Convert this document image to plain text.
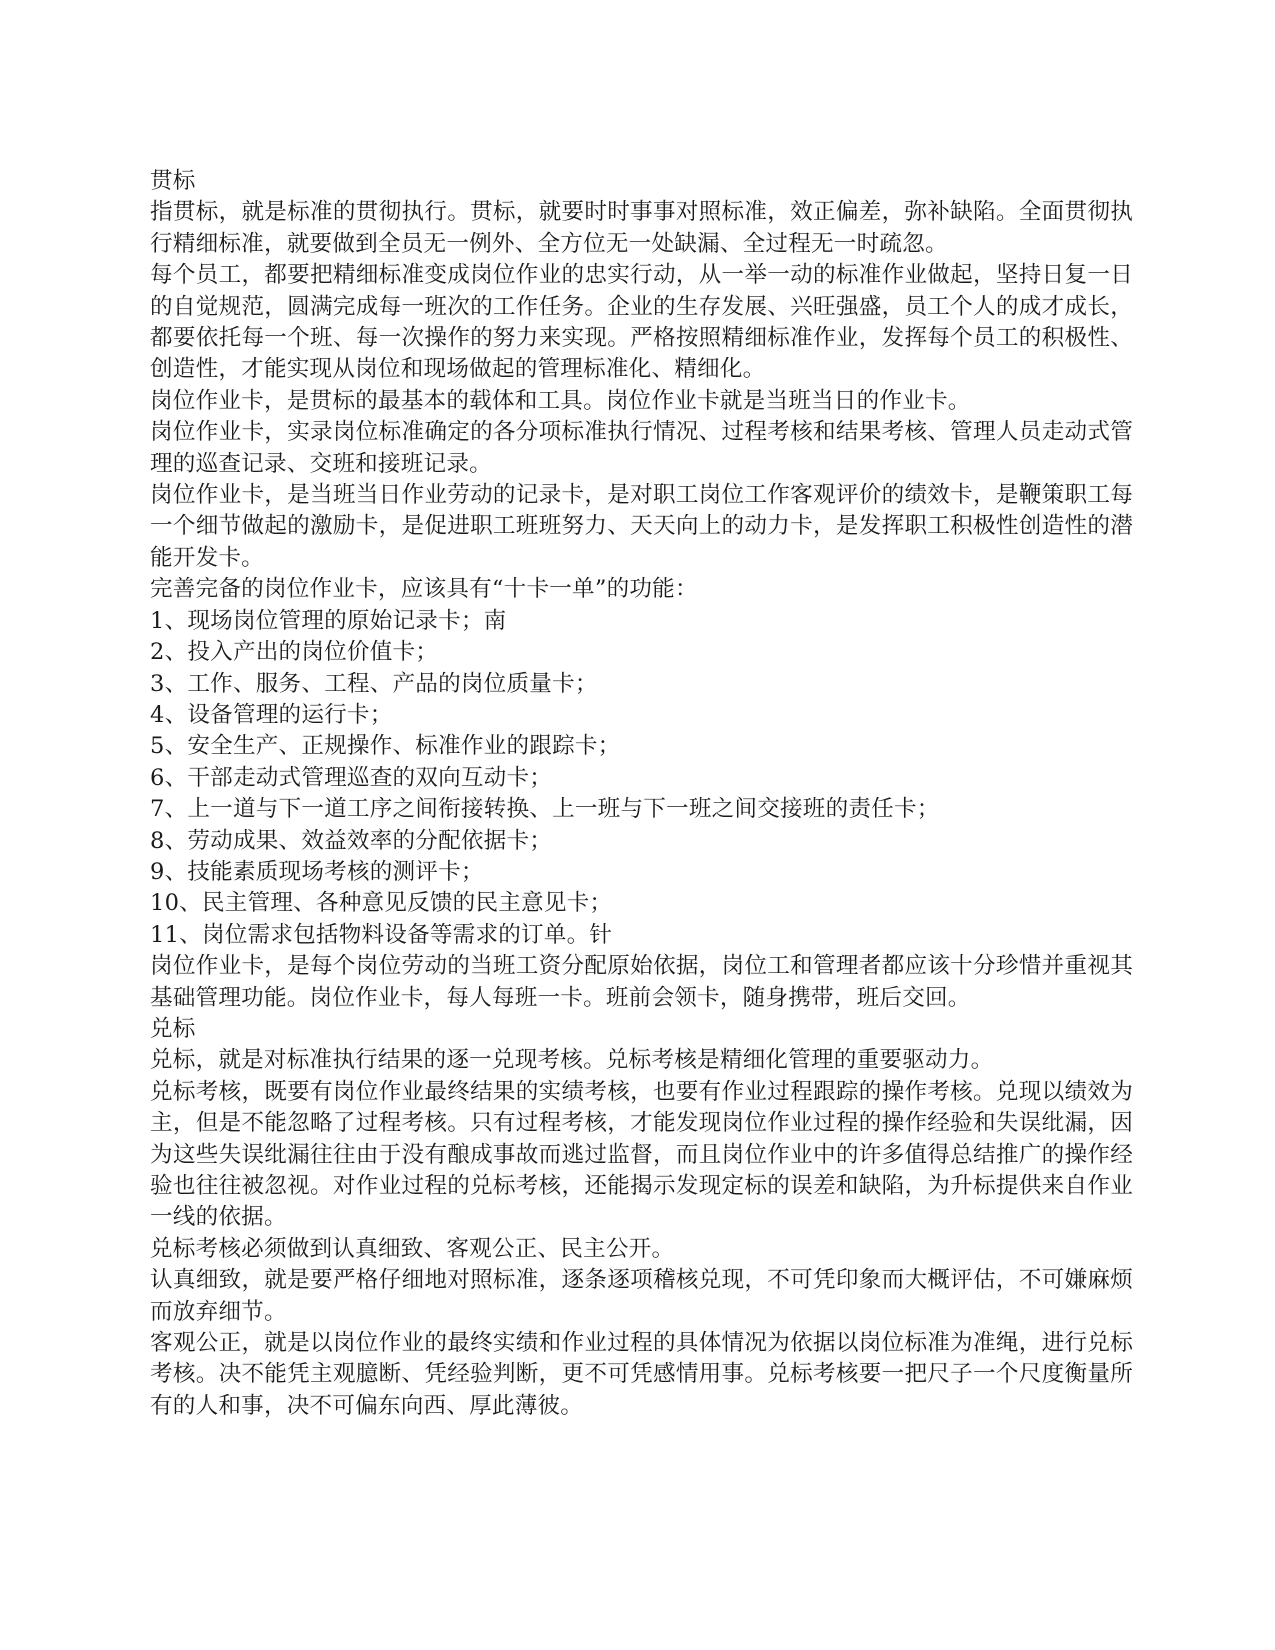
贯标

指贯标，就是标准的贯彻执行。贯标，就要时时事事对照标准，效正偏差，弥补缺陷。全面贯彻执行精细标准，就要做到全员无一例外、全方位无一处缺漏、全过程无一时疏忽。

每个员工，都要把精细标准变成岗位作业的忠实行动，从一举一动的标准作业做起，坚持日复一日的自觉规范，圆满完成每一班次的工作任务。企业的生存发展、兴旺强盛，员工个人的成才成长，都要依托每一个班、每一次操作的努力来实现。严格按照精细标准作业，发挥每个员工的积极性、创造性，才能实现从岗位和现场做起的管理标准化、精细化。

岗位作业卡，是贯标的最基本的载体和工具。岗位作业卡就是当班当日的作业卡。

岗位作业卡，实录岗位标准确定的各分项标准执行情况、过程考核和结果考核、管理人员走动式管理的巡查记录、交班和接班记录。

岗位作业卡，是当班当日作业劳动的记录卡，是对职工岗位工作客观评价的绩效卡，是鞭策职工每一个细节做起的激励卡，是促进职工班班努力、天天向上的动力卡，是发挥职工积极性创造性的潜能开发卡。

完善完备的岗位作业卡，应该具有“十卡一单”的功能：

1、现场岗位管理的原始记录卡；南

2、投入产出的岗位价值卡；

3、工作、服务、工程、产品的岗位质量卡；

4、设备管理的运行卡；

5、安全生产、正规操作、标准作业的跟踪卡；

6、干部走动式管理巡查的双向互动卡；

7、上一道与下一道工序之间衔接转换、上一班与下一班之间交接班的责任卡；

8、劳动成果、效益效率的分配依据卡；

9、技能素质现场考核的测评卡；

10、民主管理、各种意见反馈的民主意见卡；

11、岗位需求包括物料设备等需求的订单。针

岗位作业卡，是每个岗位劳动的当班工资分配原始依据，岗位工和管理者都应该十分珍惜并重视其基础管理功能。岗位作业卡，每人每班一卡。班前会领卡，随身携带，班后交回。

兑标

兑标，就是对标准执行结果的逐一兑现考核。兑标考核是精细化管理的重要驱动力。

兑标考核，既要有岗位作业最终结果的实绩考核，也要有作业过程跟踪的操作考核。兑现以绩效为主，但是不能忽略了过程考核。只有过程考核，才能发现岗位作业过程的操作经验和失误纰漏，因为这些失误纰漏往往由于没有酿成事故而逃过监督，而且岗位作业中的许多值得总结推广的操作经验也往往被忽视。对作业过程的兑标考核，还能揭示发现定标的误差和缺陷，为升标提供来自作业一线的依据。

兑标考核必须做到认真细致、客观公正、民主公开。

认真细致，就是要严格仔细地对照标准，逐条逐项稽核兑现，不可凭印象而大概评估，不可嫌麻烦而放弃细节。

客观公正，就是以岗位作业的最终实绩和作业过程的具体情况为依据以岗位标准为准绳，进行兑标考核。决不能凭主观臆断、凭经验判断，更不可凭感情用事。兑标考核要一把尺子一个尺度衡量所有的人和事，决不可偏东向西、厚此薄彼。
